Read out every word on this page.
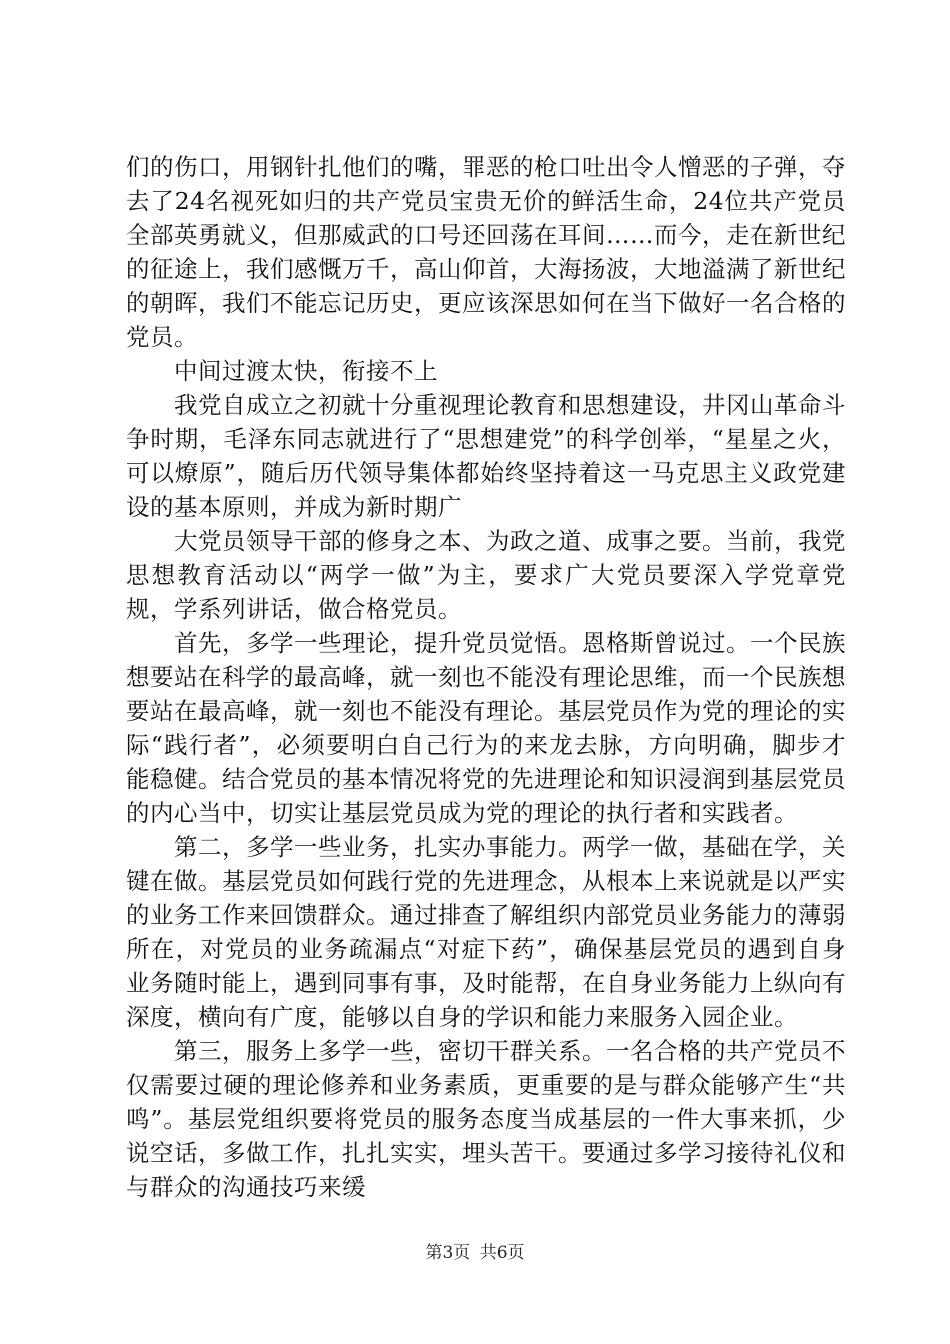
们的伤口，用钢针扎他们的嘴，罪恶的枪口吐出令人憎恶的子弹，夺去了24名视死如归的共产党员宝贵无价的鲜活生命，24位共产党员全部英勇就义，但那威武的口号还回荡在耳间……而今，走在新世纪的征途上，我们感慨万千，高山仰首，大海扬波，大地溢满了新世纪的朝晖，我们不能忘记历史，更应该深思如何在当下做好一名合格的党员。

中间过渡太快，衔接不上

我党自成立之初就十分重视理论教育和思想建设，井冈山革命斗争时期，毛泽东同志就进行了“思想建党”的科学创举，“星星之火，可以燎原”，随后历代领导集体都始终坚持着这一马克思主义政党建设的基本原则，并成为新时期广

大党员领导干部的修身之本、为政之道、成事之要。当前，我党思想教育活动以“两学一做”为主，要求广大党员要深入学党章党规，学系列讲话，做合格党员。

首先，多学一些理论，提升党员觉悟。恩格斯曾说过。一个民族想要站在科学的最高峰，就一刻也不能没有理论思维，而一个民族想要站在最高峰，就一刻也不能没有理论。基层党员作为党的理论的实际“践行者”，必须要明白自己行为的来龙去脉，方向明确，脚步才能稳健。结合党员的基本情况将党的先进理论和知识浸润到基层党员的内心当中，切实让基层党员成为党的理论的执行者和实践者。

第二，多学一些业务，扎实办事能力。两学一做，基础在学，关键在做。基层党员如何践行党的先进理念，从根本上来说就是以严实的业务工作来回馈群众。通过排查了解组织内部党员业务能力的薄弱所在，对党员的业务疏漏点“对症下药”，确保基层党员的遇到自身业务随时能上，遇到同事有事，及时能帮，在自身业务能力上纵向有深度，横向有广度，能够以自身的学识和能力来服务入园企业。

第三，服务上多学一些，密切干群关系。一名合格的共产党员不仅需要过硬的理论修养和业务素质，更重要的是与群众能够产生“共鸣”。基层党组织要将党员的服务态度当成基层的一件大事来抓，少说空话，多做工作，扎扎实实，埋头苦干。要通过多学习接待礼仪和与群众的沟通技巧来缓

第3页 共6页
